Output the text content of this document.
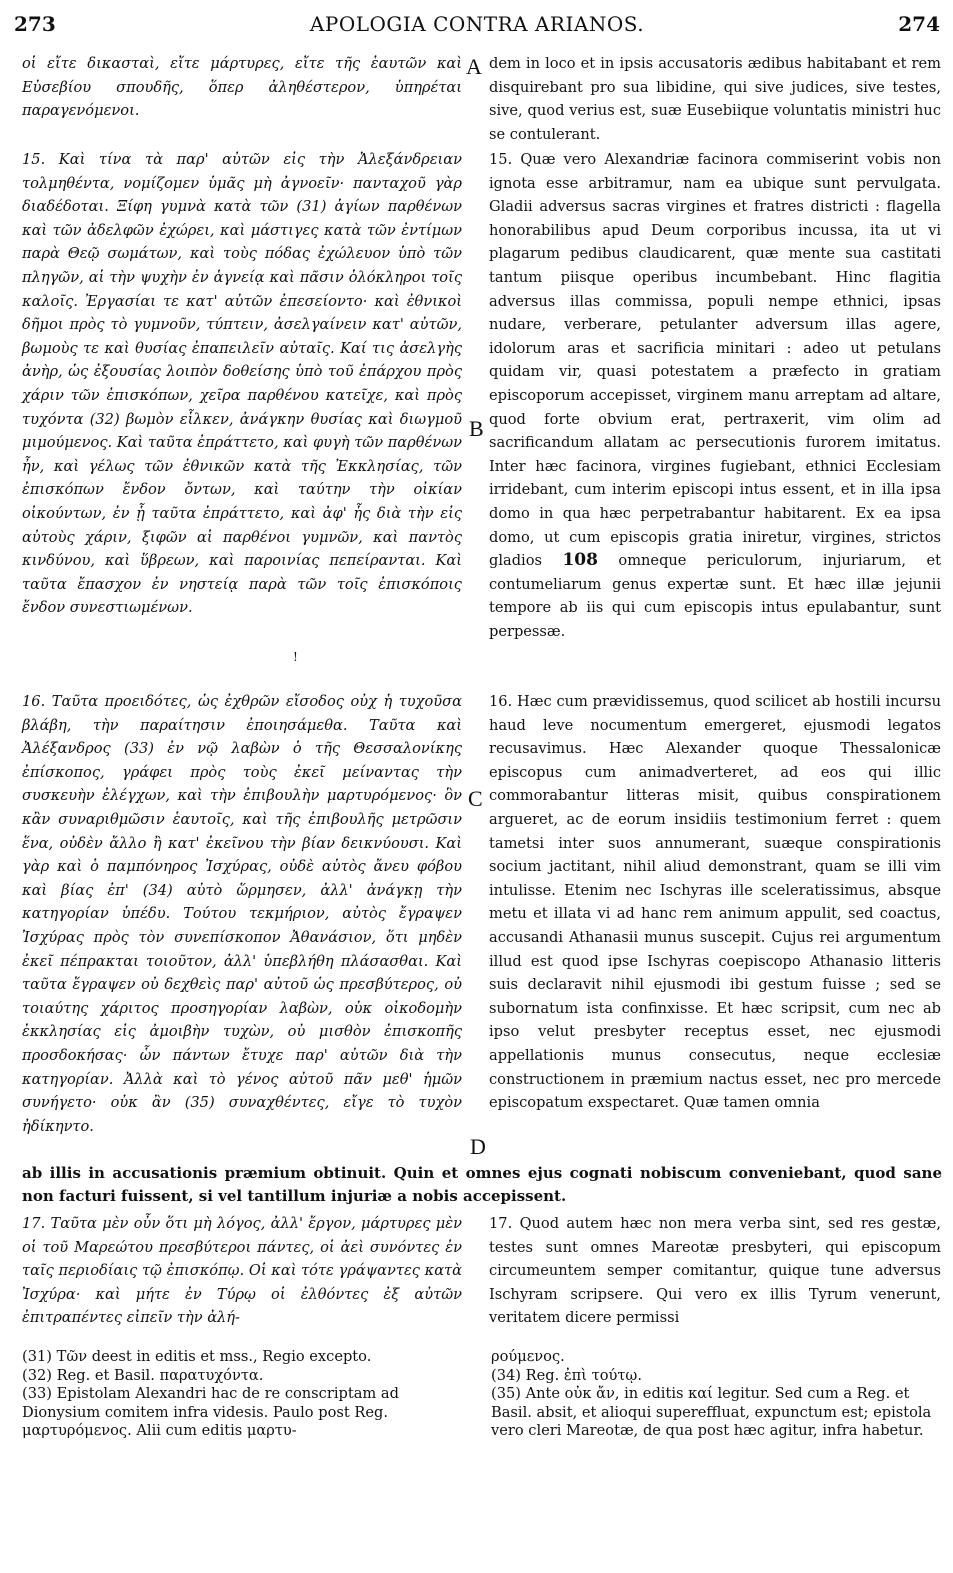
273	APOLOGIA CONTRA ARIANOS.	274

οἱ εἴτε δικασταὶ, εἴτε μάρτυρες, εἴτε τῆς ἑαυτῶν καὶ Εὐσεβίου σπουδῆς, ὅπερ ἀληθέστερον, ὑπηρέται παραγενόμενοι.

15. Καὶ τίνα τὰ παρ' αὐτῶν εἰς τὴν Ἀλεξάνδρειαν τολμηθέντα, νομίζομεν ὑμᾶς μὴ ἀγνοεῖν· πανταχοῦ γὰρ διαδέδοται. Ξίφη γυμνὰ κατὰ τῶν (31) ἁγίων παρθένων καὶ τῶν ἀδελφῶν ἐχώρει, καὶ μάστιγες κατὰ τῶν ἐντίμων παρὰ Θεῷ σωμάτων, καὶ τοὺς πόδας ἐχώλευον ὑπὸ τῶν πληγῶν, αἱ τὴν ψυχὴν ἐν ἁγνείᾳ καὶ πᾶσιν ὁλόκληροι τοῖς καλοῖς. Ἐργασίαι τε κατ' αὐτῶν ἐπεσείοντο· καὶ ἐθνικοὶ δῆμοι πρὸς τὸ γυμνοῦν, τύπτειν, ἀσελγαίνειν κατ' αὐτῶν, βωμοὺς τε καὶ θυσίας ἐπαπειλεῖν αὐταῖς. Καί τις ἀσελγὴς ἀνὴρ, ὡς ἐξουσίας λοιπὸν δοθείσης ὑπὸ τοῦ ἐπάρχου πρὸς χάριν τῶν ἐπισκόπων, χεῖρα παρθένου κατεῖχε, καὶ πρὸς τυχόντα (32) βωμὸν εἷλκεν, ἀνάγκην θυσίας καὶ διωγμοῦ μιμούμενος. Καὶ ταῦτα ἐπράττετο, καὶ φυγὴ τῶν παρθένων ἦν, καὶ γέλως τῶν ἐθνικῶν κατὰ τῆς Ἐκκλησίας, τῶν ἐπισκόπων ἔνδον ὄντων, καὶ ταύτην τὴν οἰκίαν οἰκούντων, ἐν ᾗ ταῦτα ἐπράττετο, καὶ ἀφ' ἧς διὰ τὴν εἰς αὐτοὺς χάριν, ξιφῶν αἱ παρθένοι γυμνῶν, καὶ παντὸς κινδύνου, καὶ ὕβρεων, καὶ παροινίας πεπείρανται. Καὶ ταῦτα ἔπασχον ἐν νηστείᾳ παρὰ τῶν τοῖς ἐπισκόποις ἔνδον συνεστιωμένων.

!

16. Ταῦτα προειδότες, ὡς ἐχθρῶν εἴσοδος οὐχ ἡ τυχοῦσα βλάβη, τὴν παραίτησιν ἐποιησάμεθα. Ταῦτα καὶ Ἀλέξανδρος (33) ἐν νῷ λαβὼν ὁ τῆς Θεσσαλονίκης ἐπίσκοπος, γράφει πρὸς τοὺς ἐκεῖ μείναντας τὴν συσκευὴν ἐλέγχων, καὶ τὴν ἐπιβουλὴν μαρτυρόμενος· ὃν κἂν συναριθμῶσιν ἑαυτοῖς, καὶ τῆς ἐπιβουλῆς μετρῶσιν ἕνα, οὐδὲν ἄλλο ἢ κατ' ἐκεῖνου τὴν βίαν δεικνύουσι. Καὶ γὰρ καὶ ὁ παμπόνηρος Ἰσχύρας, οὐδὲ αὐτὸς ἄνευ φόβου καὶ βίας ἐπ' (34) αὐτὸ ὥρμησεν, ἀλλ' ἀνάγκῃ τὴν κατηγορίαν ὑπέδυ. Τούτου τεκμήριον, αὐτὸς ἔγραψεν Ἰσχύρας πρὸς τὸν συνεπίσκοπον Ἀθανάσιον, ὅτι μηδὲν ἐκεῖ πέπρακται τοιοῦτον, ἀλλ' ὑπεβλήθη πλάσασθαι. Καὶ ταῦτα ἔγραψεν οὐ δεχθεὶς παρ' αὐτοῦ ὡς πρεσβύτερος, οὐ τοιαύτης χάριτος προσηγορίαν λαβὼν, οὐκ οἰκοδομὴν ἐκκλησίας εἰς ἀμοιβὴν τυχὼν, οὐ μισθὸν ἐπισκοπῆς προσδοκήσας· ὧν πάντων ἔτυχε παρ' αὐτῶν διὰ τὴν κατηγορίαν. Ἀλλὰ καὶ τὸ γένος αὐτοῦ πᾶν μεθ' ἡμῶν συνήγετο· οὐκ ἂν (35) συναχθέντες, εἴγε τὸ τυχὸν ἠδίκηντο.

dem in loco et in ipsis accusatoris ædibus habitabant et rem disquirebant pro sua libidine, qui sive judices, sive testes, sive, quod verius est, suæ Eusebiique voluntatis ministri huc se contulerant.

15. Quæ vero Alexandriæ facinora commiserint vobis non ignota esse arbitramur, nam ea ubique sunt pervulgata. Gladii adversus sacras virgines et fratres districti : flagella honorabilibus apud Deum corporibus incussa, ita ut vi plagarum pedibus claudicarent, quæ mente sua castitati tantum piisque operibus incumbebant. Hinc flagitia adversus illas commissa, populi nempe ethnici, ipsas nudare, verberare, petulanter adversum illas agere, idolorum aras et sacrificia minitari : adeo ut petulans quidam vir, quasi potestatem a præfecto in gratiam episcoporum accepisset, virginem manu arreptam ad altare, quod forte obvium erat, pertraxerit, vim olim ad sacrificandum allatam ac persecutionis furorem imitatus. Inter hæc facinora, virgines fugiebant, ethnici Ecclesiam irridebant, cum interim episcopi intus essent, et in illa ipsa domo in qua hæc perpetrabantur habitarent. Ex ea ipsa domo, ut cum episcopis gratia iniretur, virgines, strictos gladios 108 omneque periculorum, injuriarum, et contumeliarum genus expertæ sunt. Et hæc illæ jejunii tempore ab iis qui cum episcopis intus epulabantur, sunt perpessæ.

16. Hæc cum prævidissemus, quod scilicet ab hostili incursu haud leve nocumentum emergeret, ejusmodi legatos recusavimus. Hæc Alexander quoque Thessalonicæ episcopus cum animadverteret, ad eos qui illic commorabantur litteras misit, quibus conspirationem argueret, ac de eorum insidiis testimonium ferret : quem tametsi inter suos annumerant, suæque conspirationis socium jactitant, nihil aliud demonstrant, quam se illi vim intulisse. Etenim nec Ischyras ille sceleratissimus, absque metu et illata vi ad hanc rem animum appulit, sed coactus, accusandi Athanasii munus suscepit. Cujus rei argumentum illud est quod ipse Ischyras coepiscopo Athanasio litteris suis declaravit nihil ejusmodi ibi gestum fuisse ; sed se subornatum ista confinxisse. Et hæc scripsit, cum nec ab ipso velut presbyter receptus esset, nec ejusmodi appellationis munus consecutus, neque ecclesiæ constructionem in præmium nactus esset, nec pro mercede episcopatum exspectaret. Quæ tamen omnia

A
B
C
D

ab illis in accusationis præmium obtinuit. Quin et omnes ejus cognati nobiscum conveniebant, quod sane non facturi fuissent, si vel tantillum injuriæ a nobis accepissent.

17. Ταῦτα μὲν οὖν ὅτι μὴ λόγος, ἀλλ' ἔργον, μάρτυρες μὲν οἱ τοῦ Μαρεώτου πρεσβύτεροι πάντες, οἱ ἀεὶ συνόντες ἐν ταῖς περιοδίαις τῷ ἐπισκόπῳ. Οἱ καὶ τότε γράψαντες κατὰ Ἰσχύρα· καὶ μήτε ἐν Τύρῳ οἱ ἐλθόντες ἐξ αὐτῶν ἐπιτραπέντες εἰπεῖν τὴν ἀλή-

17. Quod autem hæc non mera verba sint, sed res gestæ, testes sunt omnes Mareotæ presbyteri, qui episcopum circumeuntem semper comitantur, quique tune adversus Ischyram scripsere. Qui vero ex illis Tyrum venerunt, veritatem dicere permissi

(31) Τῶν deest in editis et mss., Regio excepto.

(32) Reg. et Basil. παρατυχόντα.

(33) Epistolam Alexandri hac de re conscriptam ad Dionysium comitem infra videsis. Paulo post Reg. μαρτυρόμενος. Alii cum editis μαρτυ-

ρούμενος.

(34) Reg. ἐπὶ τούτῳ.

(35) Ante οὐκ ἄν, in editis καί legitur. Sed cum a Reg. et Basil. absit, et alioqui supereffluat, expunctum est; epistola vero cleri Mareotæ, de qua post hæc agitur, infra habetur.
